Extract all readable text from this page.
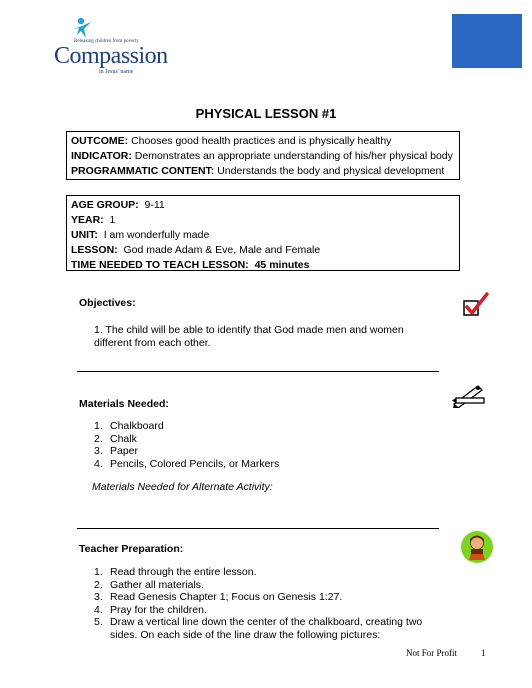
Releasing children from poverty
Compassion
in Jesus' name
PHYSICAL LESSON #1
OUTCOME: Chooses good health practices and is physically healthy
INDICATOR: Demonstrates an appropriate understanding of his/her physical body
PROGRAMMATIC CONTENT: Understands the body and physical development
AGE GROUP: 9-11
YEAR: 1
UNIT: I am wonderfully made
LESSON: God made Adam & Eve, Male and Female
TIME NEEDED TO TEACH LESSON: 45 minutes
Objectives:
1. The child will be able to identify that God made men and women
different from each other.
Materials Needed:
1. Chalkboard
2. Chalk
3. Paper
4. Pencils, Colored Pencils, or Markers
Materials Needed for Alternate Activity:
Teacher Preparation:
1. Read through the entire lesson.
2. Gather all materials.
3. Read Genesis Chapter 1; Focus on Genesis 1:27.
4. Pray for the children.
5. Draw a vertical line down the center of the chalkboard, creating two
sides. On each side of the line draw the following pictures:
Not For Profit	1
